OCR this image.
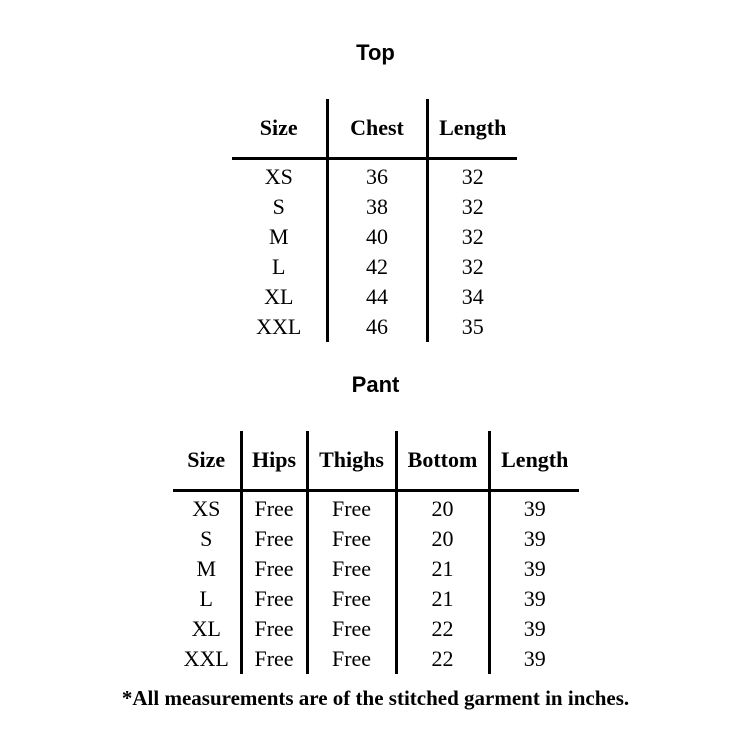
Top
Size	Chest	Length
XS	36	32
S	38	32
M	40	32
L	42	32
XL	44	34
XXL	46	35
Pant
Size	Hips	Thighs	Bottom	Length
XS	Free	Free	20	39
S	Free	Free	20	39
M	Free	Free	21	39
L	Free	Free	21	39
XL	Free	Free	22	39
XXL	Free	Free	22	39

*All measurements are of the stitched garment in inches.
